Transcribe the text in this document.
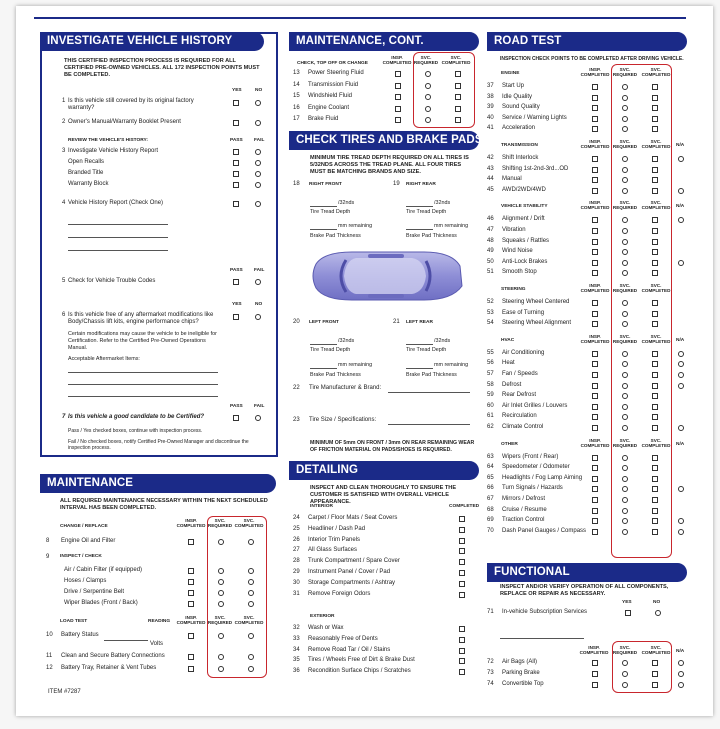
INVESTIGATE VEHICLE HISTORY
THIS CERTIFIED INSPECTION PROCESS IS REQUIRED FOR ALL CERTIFIED PRE-OWNED VEHICLES. ALL 172 INSPECTION POINTS MUST BE COMPLETED.
YES	NO
1 Is this vehicle still covered by its original factory warranty?
2 Owner's Manual/Warranty Booklet Present
REVIEW THE VEHICLE'S HISTORY:	PASS FAIL
3 Investigate Vehicle History Report
Open Recalls
Branded Title
Warranty Block
4 Vehicle History Report (Check One)
PASS FAIL
5 Check for Vehicle Trouble Codes
YES	NO
6 Is this vehicle free of any aftermarket modifications like Body/Chassis lift kits, engine performance chips?
Certain modifications may cause the vehicle to be ineligible for Certification. Refer to the Certified Pre-Owned Operations Manual.
Acceptable Aftermarket Items:
PASS FAIL
7 Is this vehicle a good candidate to be Certified?
Pass / Yes checked boxes, continue with inspection process.
Fail / No checked boxes, notify Certified Pre-Owned Manager and discontinue the inspection process.
MAINTENANCE
ALL REQUIRED MAINTENANCE NECESSARY WITHIN THE NEXT SCHEDULED INTERVAL HAS BEEN COMPLETED.
CHANGE / REPLACE
INSP. COMPLETED
SVC. REQUIRED
SVC. COMPLETED
8	Engine Oil and Filter
9 INSPECT / CHECK
Air / Cabin Filter (if equipped)
Hoses / Clamps
Drive / Serpentine Belt
Wiper Blades (Front / Back)
LOAD TEST	READING
INSP. COMPLETED
SVC. REQUIRED
SVC. COMPLETED
10	Battery Status
Volts
11	Clean and Secure Battery Connections
12	Battery Tray, Retainer & Vent Tubes
ITEM #7287
MAINTENANCE, CONT.
CHECK, TOP OFF OR CHANGE
INSP. COMPLETED
SVC. REQUIRED
SVC. COMPLETED
CHECK TIRES AND BRAKE PADS
MINIMUM TIRE TREAD DEPTH REQUIRED ON ALL TIRES IS 5/32NDS ACROSS THE TREAD PLANE. ALL FOUR TIRES MUST BE MATCHING BRANDS AND SIZE.
18 RIGHT FRONT	19 RIGHT REAR
/32nds
Tire Tread Depth
mm remaining
Brake Pad Thickness
/32nds
Tire Tread Depth
mm remaining
Brake Pad Thickness
20 LEFT FRONT	21 LEFT REAR
/32nds
Tire Tread Depth
mm remaining
Brake Pad Thickness
/32nds
Tire Tread Depth
mm remaining
Brake Pad Thickness
22 Tire Manufacturer & Brand:
23 Tire Size / Specifications:
MINIMUM OF 5mm ON FRONT / 3mm ON REAR REMAINING WEAR OF FRICTION MATERIAL ON PADS/SHOES IS REQUIRED.
DETAILING
INSPECT AND CLEAN THOROUGHLY TO ENSURE THE CUSTOMER IS SATISFIED WITH OVERALL VEHICLE APPEARANCE.
INTERIOR	COMPLETED
EXTERIOR
ROAD TEST
INSPECTION CHECK POINTS TO BE COMPLETED AFTER DRIVING VEHICLE.
FUNCTIONAL
INSPECT AND/OR VERIFY OPERATION OF ALL COMPONENTS, REPLACE OR REPAIR AS NECESSARY.
YES	NO
71	In-vehicle Subscription Services
INSP. COMPLETED
SVC. REQUIRED
SVC. COMPLETED N/A
13	Power Steering Fluid
14	Transmission Fluid
15	Windshield Fluid
16	Engine Coolant
17	Brake Fluid
24	Carpet / Floor Mats / Seat Covers
25	Headliner / Dash Pad
26	Interior Trim Panels
27	All Glass Surfaces
28	Trunk Compartment / Spare Cover
29	Instrument Panel / Cover / Pad
30	Storage Compartments / Ashtray
31	Remove Foreign Odors
32	Wash or Wax
33	Reasonably Free of Dents
34	Remove Road Tar / Oil / Stains
35	Tires / Wheels Free of Dirt & Brake Dust
36	Recondition Surface Chips / Scratches
ENGINE
INSP. COMPLETED
SVC. REQUIRED
SVC. COMPLETED
37	Start Up
38	Idle Quality
39	Sound Quality
40	Service / Warning Lights
41	Acceleration
TRANSMISSION
INSP. COMPLETED
SVC. REQUIRED
SVC. COMPLETED N/A
42	Shift Interlock
43	Shifting 1st-2nd-3rd...OD
44	Manual
45	AWD/2WD/4WD
VEHICLE STABILITY
INSP. COMPLETED
SVC. REQUIRED
SVC. COMPLETED N/A
46	Alignment / Drift
47	Vibration
48	Squeaks / Rattles
49	Wind Noise
50	Anti-Lock Brakes
51	Smooth Stop
STEERING
INSP. COMPLETED
SVC. REQUIRED
SVC. COMPLETED
52	Steering Wheel Centered
53	Ease of Turning
54	Steering Wheel Alignment
HVAC
INSP. COMPLETED
SVC. REQUIRED
SVC. COMPLETED N/A
55	Air Conditioning
56	Heat
57	Fan / Speeds
58	Defrost
59	Rear Defrost
60	Air Inlet Grilles / Louvers
61	Recirculation
62	Climate Control
OTHER
INSP. COMPLETED
SVC. REQUIRED
SVC. COMPLETED N/A
63	Wipers (Front / Rear)
64	Speedometer / Odometer
65	Headlights / Fog Lamp Aiming
66	Turn Signals / Hazards
67	Mirrors / Defrost
68	Cruise / Resume
69	Traction Control
70	Dash Panel Gauges / Compass
72	Air Bags (All)
73	Parking Brake
74	Convertible Top
